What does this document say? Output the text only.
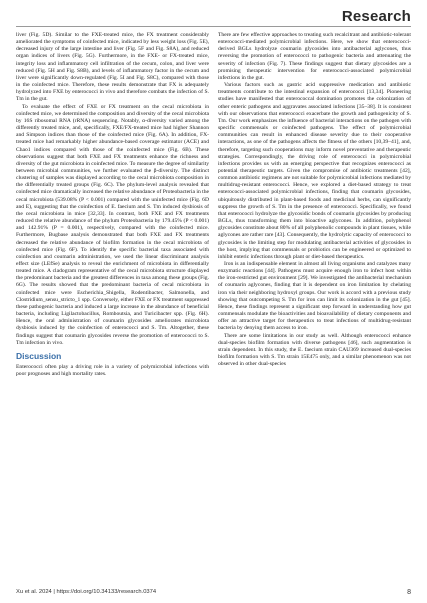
Research

liver (Fig. 5D). Similar to the FXE-treated mice, the FX treatment considerably ameliorated the symptoms of coinfected mice, indicated by less weight loss (Fig. 5E), decreased injury of the large intestine and liver (Fig. 5F and Fig. S8A), and reduced organ indices of livers (Fig. 5G). Furthermore, in the FXE- or FX-treated mice, integrity loss and inflammatory cell infiltration of the cecum, colon, and liver were reduced (Fig. 5H and Fig. S8B), and levels of inflammatory factor in the cecum and liver were significantly down-regulated (Fig. 5I and Fig. S8C), compared with those in the coinfected mice. Therefore, these results demonstrate that FX is adequately hydrolyzed into FXE by enterococci in vivo and therefore combats the infection of S. Tm in the gut.

To evaluate the effect of FXE or FX treatment on the cecal microbiota in coinfected mice, we determined the composition and diversity of the cecal microbiota by 16S ribosomal RNA (rRNA) sequencing. Notably, α-diversity varied among the differently treated mice, and, specifically, FXE/FX-treated mice had higher Shannon and Simpson indices than those of the coinfected mice (Fig. 6A). In addition, FX-treated mice had remarkably higher abundance-based coverage estimator (ACE) and Chao1 indices compared with those of the coinfected mice (Fig. 6B). These observations suggest that both FXE and FX treatments enhance the richness and diversity of the gut microbiota in coinfected mice. To measure the degree of similarity between microbial communities, we further evaluated the β-diversity. The distinct clustering of samples was displayed according to the cecal microbiota composition in the differentially treated groups (Fig. 6C). The phylum-level analysis revealed that coinfected mice dramatically increased the relative abundance of Proteobacteria in the cecal microbiota (539.08% (P < 0.001) compared with the uninfected mice (Fig. 6D and E), suggesting that the coinfection of E. faecium and S. Tm induced dysbiosis of the cecal microbiota in mice [32,33]. In contrast, both FXE and FX treatments reduced the relative abundance of the phylum Proteobacteria by 179.45% (P < 0.001) and 142.91% (P = 0.001), respectively, compared with the coinfected mice. Furthermore, Bugbase analysis demonstrated that both FXE and FX treatments decreased the relative abundance of biofilm formation in the cecal microbiota of coinfected mice (Fig. 6F). To identify the specific bacterial taxa associated with coinfection and coumarin administration, we used the linear discriminant analysis effect size (LEfSe) analysis to reveal the enrichment of microbiota in differentially treated mice. A cladogram representative of the cecal microbiota structure displayed the predominant bacteria and the greatest differences in taxa among these groups (Fig. 6G). The results showed that the predominant bacteria of cecal microbiota in coinfected mice were Escherichia_Shigella, Rodentibacter, Salmonella, and Clostridium_sensu_stricto_1 spp. Conversely, either FXE or FX treatment suppressed these pathogenic bacteria and induced a large increase in the abundance of beneficial bacteria, including Ligilactobacillus, Romboutsia, and Turicibacter spp. (Fig. 6H). Hence, the oral administration of coumarin glycosides ameliorates microbiota dysbiosis induced by the coinfection of enterococci and S. Tm. Altogether, these findings suggest that coumarin glycosides reverse the promotion of enterococci to S. Tm infection in vivo.

Discussion

Enterococci often play a driving role in a variety of polymicrobial infections with poor prognoses and high mortality rates.

There are few effective approaches to treating such recalcitrant and antibiotic-tolerant enterococci-mediated polymicrobial infections. Here, we show that enterococci-derived BGLs hydrolyze coumarin glycosides into antibacterial aglycones, thus reversing the promotion of enterococci to pathogenic bacteria and attenuating the severity of infection (Fig. 7). These findings suggest that dietary glycosides are a promising therapeutic intervention for enterococci-associated polymicrobial infections in the gut.

Various factors such as gastric acid suppressive medication and antibiotic treatments contribute to the intestinal expansion of enterococci [13,34]. Pioneering studies have manifested that enterococcal domination promotes the colonization of other enteric pathogens and aggravates associated infections [35–38]. It is consistent with our observations that enterococci exacerbate the growth and pathogenicity of S. Tm. Our work emphasizes the influence of bacterial interactions on the pathogen with specific commensals or coinfected pathogens. The effect of polymicrobial communities can result in enhanced disease severity due to their cooperative interactions, as one of the pathogens affects the fitness of the others [10,39–41], and, therefore, targeting such cooperations may inform novel preventative and therapeutic strategies. Correspondingly, the driving role of enterococci in polymicrobial infections provides us with an emerging perspective that recognizes enterococci as potential therapeutic targets. Given the compromise of antibiotic treatments [42], common antibiotic regimens are not suitable for polymicrobial infections mediated by multidrug-resistant enterococci. Hence, we explored a diet-based strategy to treat enterococci-associated polymicrobial infections, finding that coumarin glycosides, ubiquitously distributed in plant-based foods and medicinal herbs, can significantly suppress the growth of S. Tm in the presence of enterococci. Specifically, we found that enterococci hydrolyze the glycosidic bonds of coumarin glycosides by producing BGLs, thus transforming them into bioactive aglycones. In addition, polyphenol glycosides constitute about 80% of all polyphenolic compounds in plant tissues, while aglycones are rather rare [43]. Consequently, the hydrolytic capacity of enterococci to glycosides is the limiting step for modulating antibacterial activities of glycosides in the host, implying that commensals or probiotics can be engineered or optimized to inhibit enteric infections through plant or diet-based therapeutics.

Iron is an indispensable element in almost all living organisms and catalyzes many enzymatic reactions [44]. Pathogens must acquire enough iron to infect host within the iron-restricted gut environment [29]. We investigated the antibacterial mechanism of coumarin aglycones, finding that it is dependent on iron limitation by chelating iron via their neighboring hydroxyl groups. Our work is accord with a previous study showing that outcompeting S. Tm for iron can limit its colonization in the gut [45]. Hence, these findings represent a significant step forward in understanding how gut commensals modulate the bioactivities and bioavailability of dietary components and offer an attractive target for therapeutics to treat infections of multidrug-resistant bacteria by denying them access to iron.

There are some limitations in our study as well. Although enterococci enhance dual-species biofilm formation with diverse pathogens [46], such augmentation is strain dependent. In this study, the E. faecium strain CAU369 increased dual-species biofilm formation with S. Tm strain 15E475 only, and a similar phenomenon was not observed in other dual-species

Xu et al. 2024 | https://doi.org/10.34133/research.0374	8
